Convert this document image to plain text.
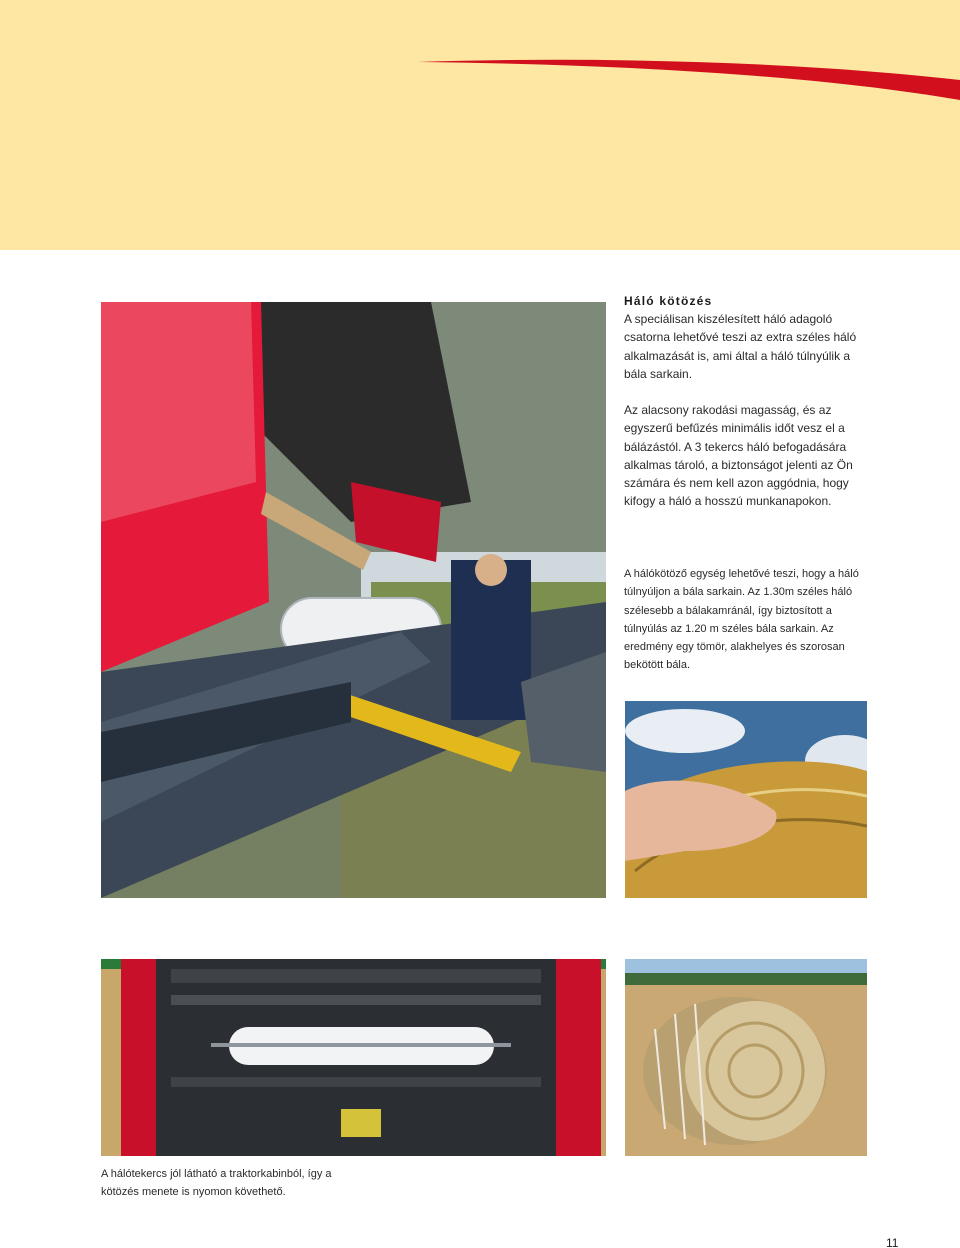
Háló kötözés
A speciálisan kiszélesített háló adagoló csatorna lehetővé teszi az extra széles háló alkalmazását is, ami által a háló túlnyúlik a bála sarkain.
Az alacsony rakodási magasság, és az egyszerű befűzés minimális időt vesz el a bálázástól. A 3 tekercs háló befogadására alkalmas tároló, a biztonságot jelenti az Ön számára és nem kell azon aggódnia, hogy kifogy a háló a hosszú munkanapokon.
A hálókötöző egység lehetővé teszi, hogy a háló túlnyúljon a bála sarkain. Az 1.30m széles háló szélesebb a bálakamránál, így biztosított a túlnyúlás az 1.20 m széles bála sarkain. Az eredmény egy tömör, alakhelyes és szorosan bekötött bála.
A hálótekercs jól látható a traktorkabinból, így a kötözés menete is nyomon követhető.
11
